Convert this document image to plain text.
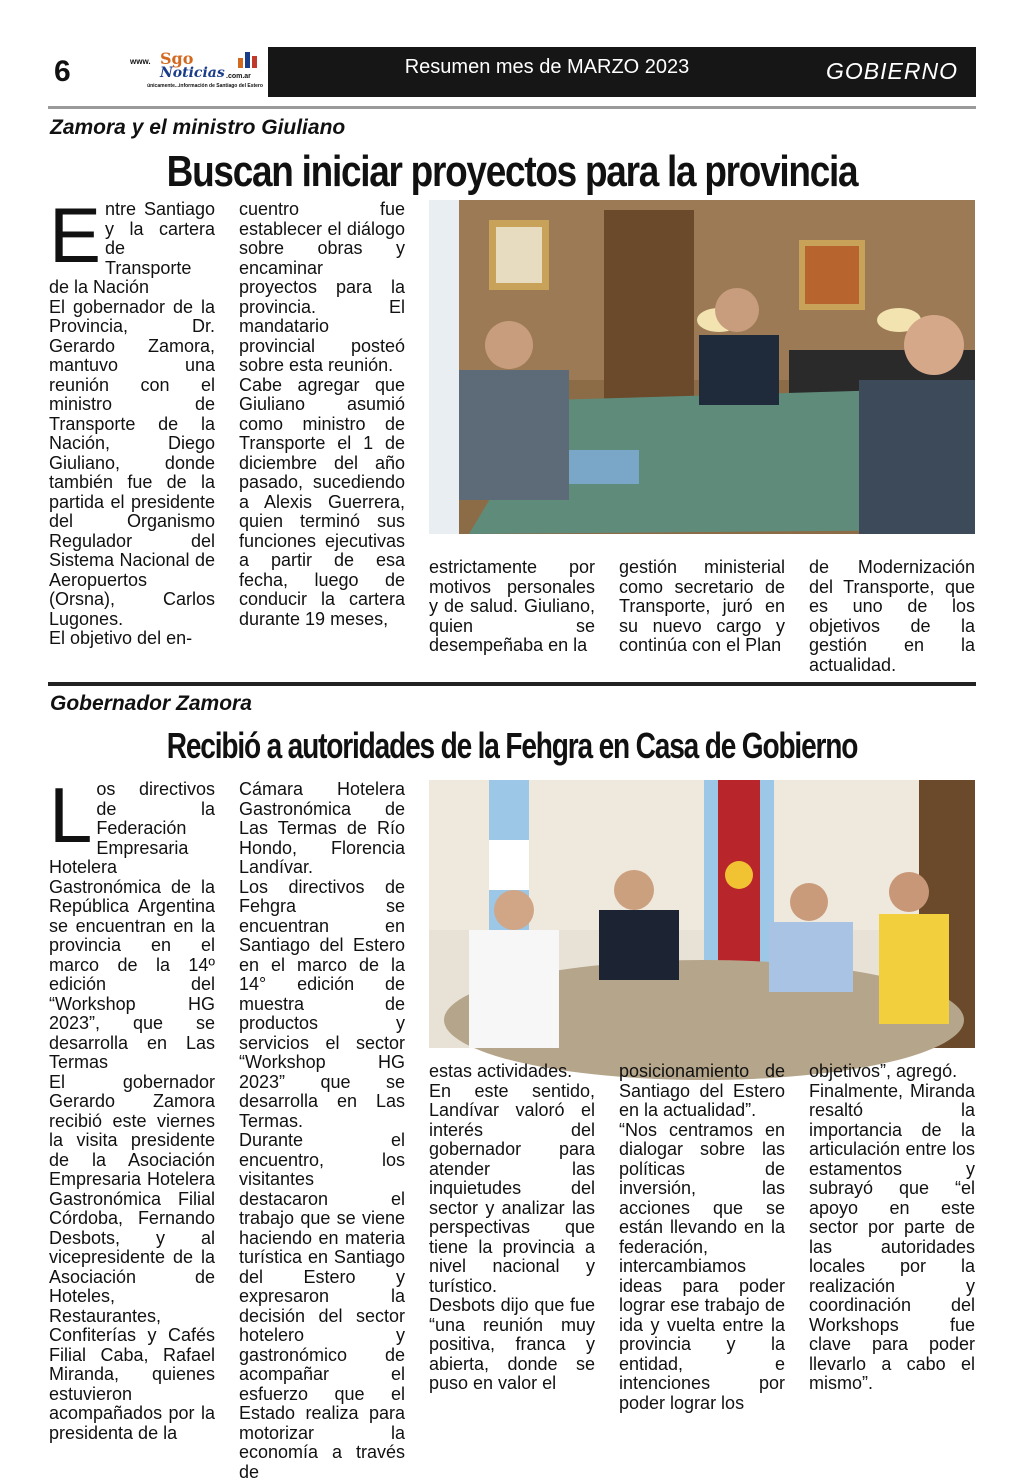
6	www. Sgo
Noticias .com.ar
únicamente...información de Santiago del Estero
Resumen mes de MARZO 2023	GOBIERNO
Zamora y el ministro Giuliano
Buscan iniciar proyectos para la provincia
E ntre Santiago y la cartera de Transporte de la Nación

El gobernador de la Provincia, Dr. Gerardo Zamora, mantuvo una reunión con el ministro de Transporte de la Nación, Diego Giuliano, donde también fue de la partida el presidente del Organismo Regulador del Sistema Nacional de Aeropuertos (Orsna), Carlos Lugones.

El objetivo del en-

cuentro fue establecer el diálogo sobre obras y encaminar proyectos para la provincia. El mandatario provincial posteó sobre esta reunión.

Cabe agregar que Giuliano asumió como ministro de Transporte el 1 de diciembre del año pasado, sucediendo a Alexis Guerrera, quien terminó sus funciones ejecutivas a partir de esa fecha, luego de conducir la cartera durante 19 meses,

estrictamente por motivos personales y de salud. Giuliano, quien se desempeñaba en la

gestión ministerial como secretario de Transporte, juró en su nuevo cargo y continúa con el Plan

de Modernización del Transporte, que es uno de los objetivos de la gestión en la actualidad.

Gobernador Zamora
Recibió a autoridades de la Fehgra en Casa de Gobierno
L os directivos de la Federación Empresaria Hotelera Gastronómica de la República Argentina se encuentran en la provincia en el marco de la 14º edición del “Workshop HG 2023”, que se desarrolla en Las Termas

El gobernador Gerardo Zamora recibió este viernes la visita presidente de la Asociación Empresaria Hotelera Gastronómica Filial Córdoba, Fernando Desbots, y al vicepresidente de la Asociación de Hoteles, Restaurantes, Confiterías y Cafés Filial Caba, Rafael Miranda, quienes estuvieron acompañados por la presidenta de la

Cámara Hotelera Gastronómica de Las Termas de Río Hondo, Florencia Landívar.

Los directivos de Fehgra se encuentran en Santiago del Estero en el marco de la 14° edición de muestra de productos y servicios el sector “Workshop HG 2023” que se desarrolla en Las Termas.

Durante el encuentro, los visitantes destacaron el trabajo que se viene haciendo en materia turística en Santiago del Estero y expresaron la decisión del sector hotelero y gastronómico de acompañar el esfuerzo que el Estado realiza para motorizar la economía a través de

estas actividades.

En este sentido, Landívar valoró el interés del gobernador para atender las inquietudes del sector y analizar las perspectivas que tiene la provincia a nivel nacional y turístico.

Desbots dijo que fue “una reunión muy positiva, franca y abierta, donde se puso en valor el

posicionamiento de Santiago del Estero en la actualidad”.

“Nos centramos en dialogar sobre las políticas de inversión, las acciones que se están llevando en la federación, intercambiamos ideas para poder lograr ese trabajo de ida y vuelta entre la provincia y la entidad, e intenciones por poder lograr los

objetivos”, agregó.

Finalmente, Miranda resaltó la importancia de la articulación entre los estamentos y subrayó que “el apoyo en este sector por parte de las autoridades locales por la realización y coordinación del Workshops fue clave para poder llevarlo a cabo el mismo”.
